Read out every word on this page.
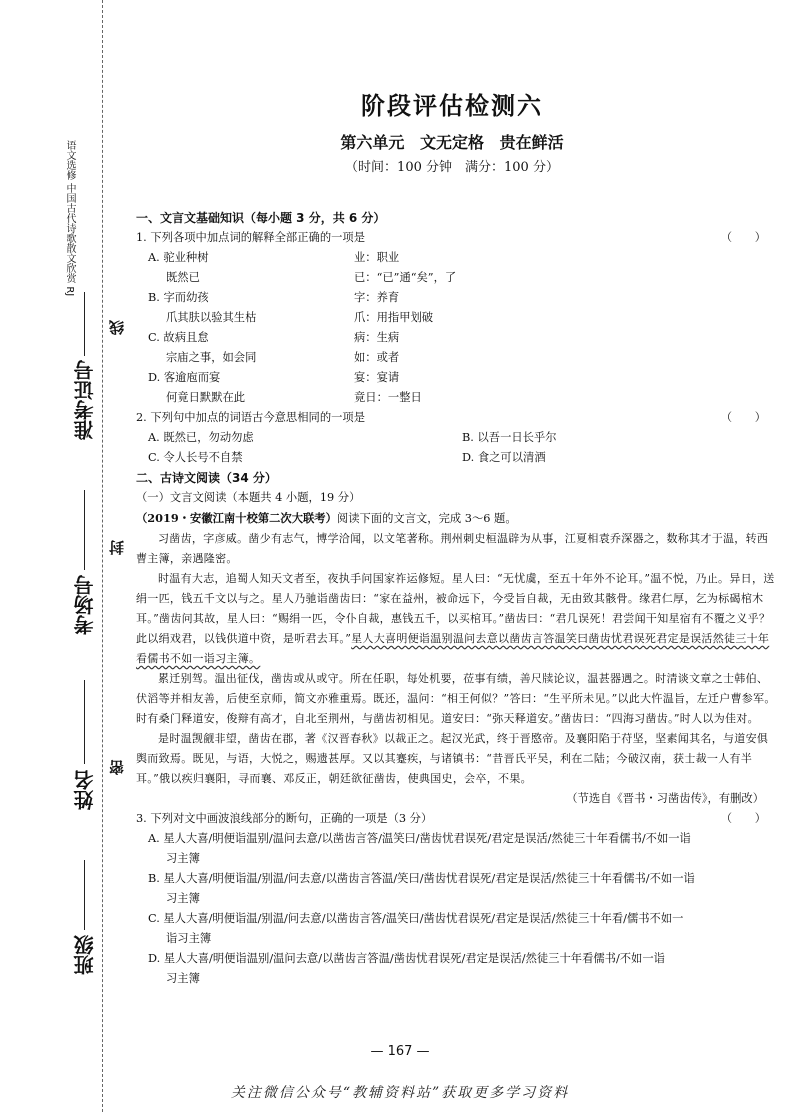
语文选修 中国古代诗歌散文欣赏 RJ
准考证号
考场号
姓名
班级
线
封
密
阶段评估检测六
第六单元 文无定格 贵在鲜活
（时间：100 分钟　满分：100 分）
一、文言文基础知识（每小题 3 分，共 6 分）
1. 下列各项中加点词的解释全部正确的一项是	（　　）
A. 驼业种树	业：职业
既然已	已：“已”通“矣”，了
B. 字而幼孩	字：养育
爪其肤以验其生枯	爪：用指甲划破
C. 故病且怠	病：生病
宗庙之事，如会同	如：或者
D. 客逾庖而宴	宴：宴请
何竟日默默在此	竟日：一整日
2. 下列句中加点的词语古今意思相同的一项是	（　　）
A. 既然已，勿动勿虑	B. 以吾一日长乎尔
C. 令人长号不自禁	D. 食之可以清酒
二、古诗文阅读（34 分）
（一）文言文阅读（本题共 4 小题，19 分）
（2019・安徽江南十校第二次大联考）阅读下面的文言文，完成 3～6 题。

习凿齿，字彦威。凿少有志气，博学洽闻，以文笔著称。荆州刺史桓温辟为从事，江夏相袁乔深器之，数称其才于温，转西曹主簿，亲遇隆密。

时温有大志，追蜀人知天文者至，夜执手问国家祚运修短。星人曰：“无忧虞，至五十年外不论耳。”温不悦，乃止。异日，送绢一匹，钱五千文以与之。星人乃驰诣凿齿曰：“家在益州，被命远下，今受旨自裁，无由致其骸骨。缘君仁厚，乞为标碣棺木耳。”凿齿问其故，星人曰：“赐绢一匹，令仆自裁，惠钱五千，以买棺耳。”凿齿曰：“君几误死！君尝闻干知星宿有不覆之义乎？此以绢戏君，以钱供道中资，是听君去耳。”星人大喜明便诣温别温问去意以凿齿言答温笑曰凿齿忧君误死君定是误活然徒三十年看儒书不如一诣习主簿。

累迁别驾。温出征伐，凿齿或从或守。所在任职，每处机要，莅事有绩，善尺牍论议，温甚器遇之。时清谈文章之士韩伯、伏滔等并相友善，后使至京师，简文亦雅重焉。既还，温问：“相王何似？”答曰：“生平所未见。”以此大忤温旨，左迁户曹参军。时有桑门释道安，俊辩有高才，自北至荆州，与凿齿初相见。道安曰：“弥天释道安。”凿齿曰：“四海习凿齿。”时人以为佳对。

是时温觊觎非望，凿齿在郡，著《汉晋春秋》以裁正之。起汉光武，终于晋愍帝。及襄阳陷于苻坚，坚素闻其名，与道安俱舆而致焉。既见，与语，大悦之，赐遗甚厚。又以其蹇疾，与诸镇书：“昔晋氏平吴，利在二陆；今破汉南，获士裁一人有半耳。”俄以疾归襄阳，寻而襄、邓反正，朝廷欲征凿齿，使典国史，会卒，不果。

（节选自《晋书・习凿齿传》，有删改）
3. 下列对文中画波浪线部分的断句，正确的一项是（3 分）	（　　）
A. 星人大喜/明便诣温别/温问去意/以凿齿言答/温笑曰/凿齿忧君误死/君定是误活/然徒三十年看儒书/不如一诣
习主簿
B. 星人大喜/明便诣温/别温/问去意/以凿齿言答温/笑曰/凿齿忧君误死/君定是误活/然徒三十年看儒书/不如一诣
习主簿
C. 星人大喜/明便诣温/别温/问去意/以凿齿言答/温笑曰/凿齿忧君误死/君定是误活/然徒三十年看/儒书不如一
诣习主簿
D. 星人大喜/明便诣温别/温问去意/以凿齿言答温/凿齿忧君误死/君定是误活/然徒三十年看儒书/不如一诣
习主簿
— 167 —
关注微信公众号“教辅资料站”获取更多学习资料
